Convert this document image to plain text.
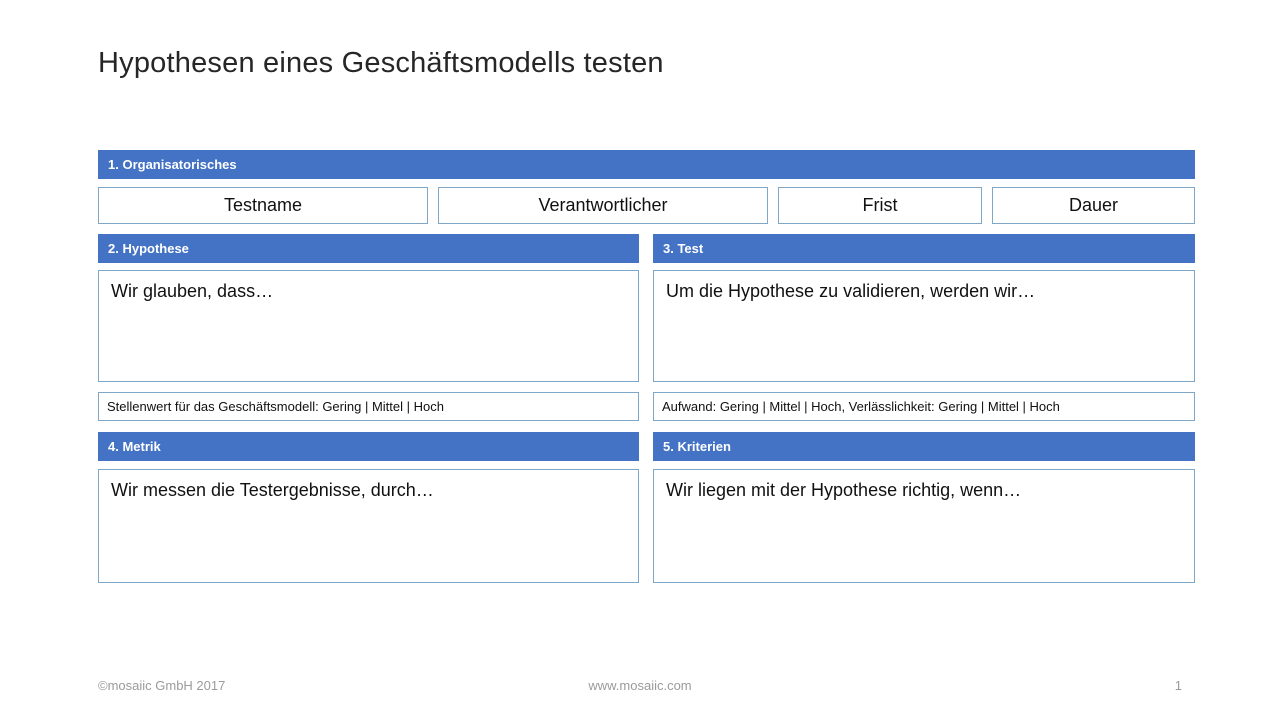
Hypothesen eines Geschäftsmodells testen
1. Organisatorisches
Testname	Verantwortlicher	Frist	Dauer
2. Hypothese
Wir glauben, dass…
Stellenwert für das Geschäftsmodell: Gering | Mittel | Hoch
3. Test
Um die Hypothese zu validieren, werden wir…
Aufwand: Gering | Mittel | Hoch, Verlässlichkeit: Gering | Mittel | Hoch
4. Metrik
Wir messen die Testergebnisse, durch…
5. Kriterien
Wir liegen mit der Hypothese richtig, wenn…
©mosaiic GmbH 2017	www.mosaiic.com	1
